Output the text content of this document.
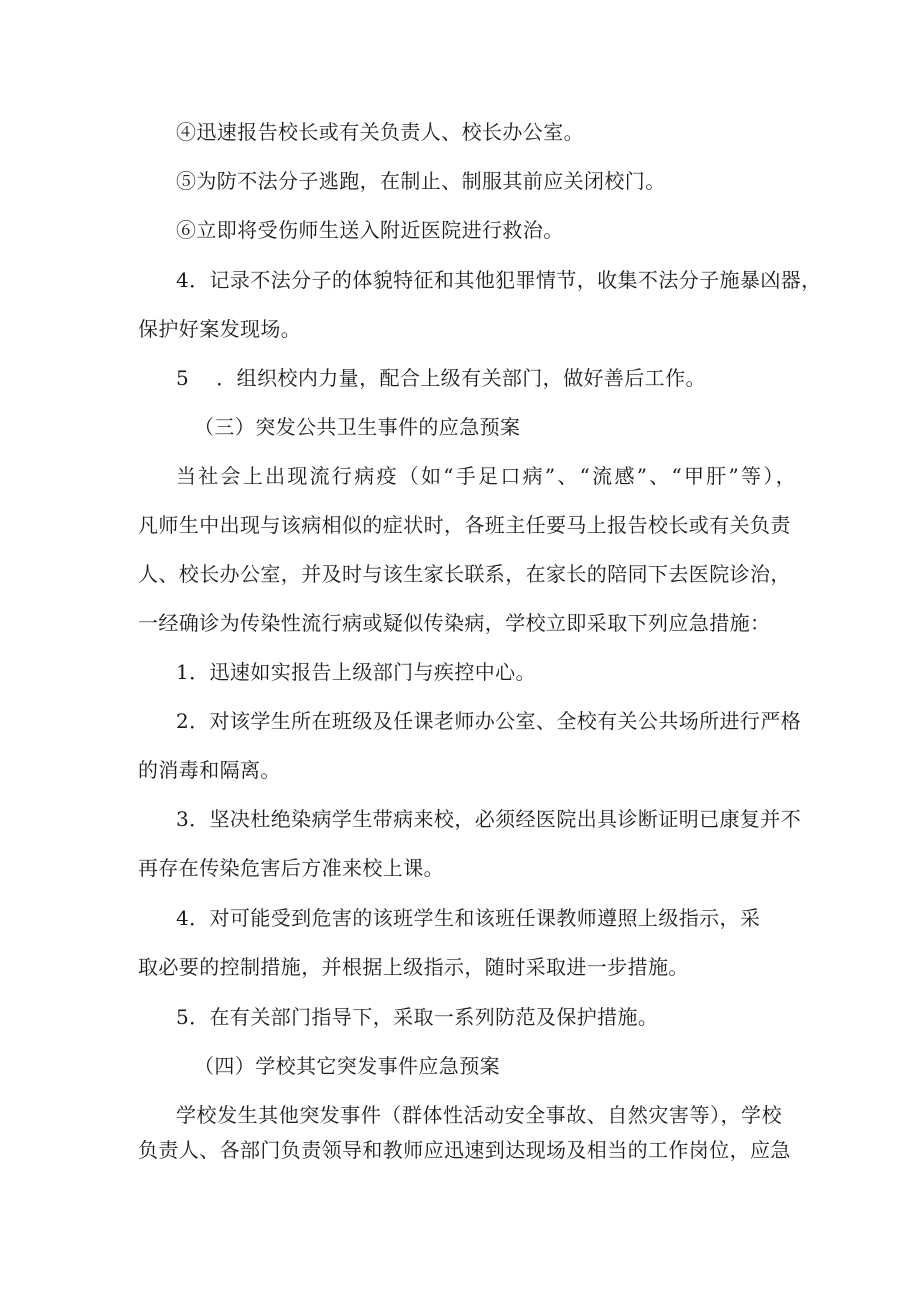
④迅速报告校长或有关负责人、校长办公室。
⑤为防不法分子逃跑，在制止、制服其前应关闭校门。
⑥立即将受伤师生送入附近医院进行救治。
4．记录不法分子的体貌特征和其他犯罪情节，收集不法分子施暴凶器，
保护好案发现场。
5　 ．组织校内力量，配合上级有关部门，做好善后工作。
（三）突发公共卫生事件的应急预案
当社会上出现流行病疫（如“手足口病”、“流感”、“甲肝”等），
凡师生中出现与该病相似的症状时，各班主任要马上报告校长或有关负责
人、校长办公室，并及时与该生家长联系，在家长的陪同下去医院诊治，
一经确诊为传染性流行病或疑似传染病，学校立即采取下列应急措施：
1．迅速如实报告上级部门与疾控中心。
2．对该学生所在班级及任课老师办公室、全校有关公共场所进行严格
的消毒和隔离。
3．坚决杜绝染病学生带病来校，必须经医院出具诊断证明已康复并不
再存在传染危害后方准来校上课。
4．对可能受到危害的该班学生和该班任课教师遵照上级指示，采
取必要的控制措施，并根据上级指示，随时采取进一步措施。
5．在有关部门指导下，采取一系列防范及保护措施。
（四）学校其它突发事件应急预案
学校发生其他突发事件（群体性活动安全事故、自然灾害等），学校
负责人、各部门负责领导和教师应迅速到达现场及相当的工作岗位，应急
